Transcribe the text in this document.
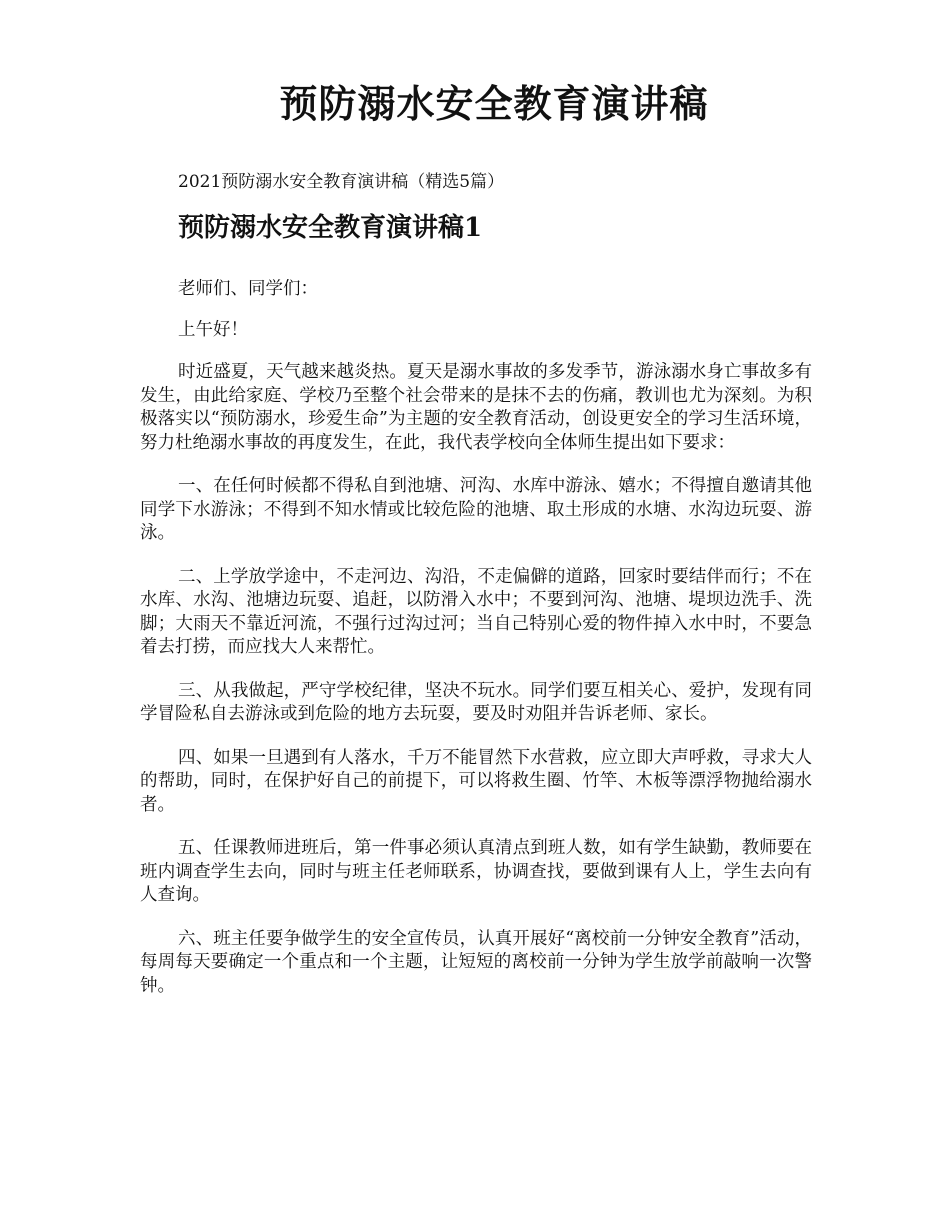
预防溺水安全教育演讲稿

2021预防溺水安全教育演讲稿（精选5篇）

预防溺水安全教育演讲稿1

老师们、同学们：

上午好！

时近盛夏，天气越来越炎热。夏天是溺水事故的多发季节，游泳溺水身亡事故多有发生，由此给家庭、学校乃至整个社会带来的是抹不去的伤痛，教训也尤为深刻。为积极落实以“预防溺水，珍爱生命”为主题的安全教育活动，创设更安全的学习生活环境，努力杜绝溺水事故的再度发生，在此，我代表学校向全体师生提出如下要求：

一、在任何时候都不得私自到池塘、河沟、水库中游泳、嬉水；不得擅自邀请其他同学下水游泳；不得到不知水情或比较危险的池塘、取土形成的水塘、水沟边玩耍、游泳。

二、上学放学途中，不走河边、沟沿，不走偏僻的道路，回家时要结伴而行；不在水库、水沟、池塘边玩耍、追赶，以防滑入水中；不要到河沟、池塘、堤坝边洗手、洗脚；大雨天不靠近河流，不强行过沟过河；当自己特别心爱的物件掉入水中时，不要急着去打捞，而应找大人来帮忙。

三、从我做起，严守学校纪律，坚决不玩水。同学们要互相关心、爱护，发现有同学冒险私自去游泳或到危险的地方去玩耍，要及时劝阻并告诉老师、家长。

四、如果一旦遇到有人落水，千万不能冒然下水营救，应立即大声呼救，寻求大人的帮助，同时，在保护好自己的前提下，可以将救生圈、竹竿、木板等漂浮物抛给溺水者。

五、任课教师进班后，第一件事必须认真清点到班人数，如有学生缺勤，教师要在班内调查学生去向，同时与班主任老师联系，协调查找，要做到课有人上，学生去向有人查询。

六、班主任要争做学生的安全宣传员，认真开展好“离校前一分钟安全教育”活动，每周每天要确定一个重点和一个主题，让短短的离校前一分钟为学生放学前敲响一次警钟。
